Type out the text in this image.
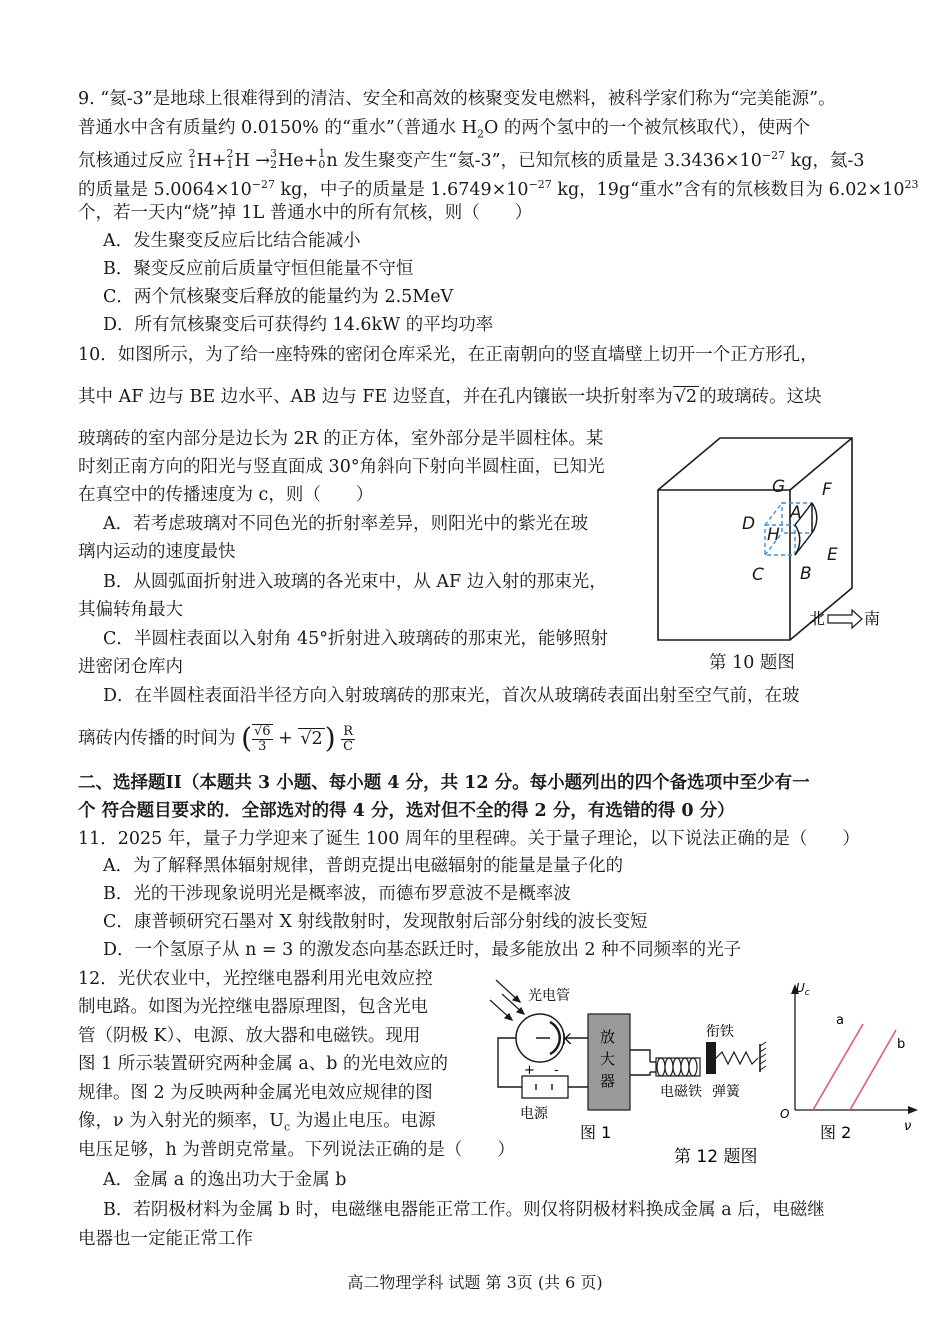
9. “氦-3”是地球上很难得到的清洁、安全和高效的核聚变发电燃料，被科学家们称为“完美能源”。
普通水中含有质量约 0.0150% 的“重水”（普通水 $H_2O$ 的两个氢中的一个被氘核取代），使两个
氘核通过反应 2
1 H+ 2
1 H → 3
2 He+ 1
0 n 发生聚变产生“氦-3”，已知氘核的质量是 $3.3436\times 10^{-27}$ kg，氦-3
的质量是 $5.0064\times 10^{-27}$ kg，中子的质量是 $1.6749\times 10^{-27}$ kg，19g“重水”含有的氘核数目为 $6.02\times 10^{23}$
个，若一天内“烧”掉 1L 普通水中的所有氘核，则（　　）
A．发生聚变反应后比结合能减小
B．聚变反应前后质量守恒但能量不守恒
C．两个氘核聚变后释放的能量约为 2.5MeV
D．所有氘核聚变后可获得约 14.6kW 的平均功率
10．如图所示，为了给一座特殊的密闭仓库采光，在正南朝向的竖直墙壁上切开一个正方形孔，
其中 AF 边与 BE 边水平、AB 边与 FE 边竖直，并在孔内镶嵌一块折射率为 √2 的玻璃砖。这块
玻璃砖的室内部分是边长为 2R 的正方体，室外部分是半圆柱体。某
时刻正南方向的阳光与竖直面成 30°角斜向下射向半圆柱面，已知光
在真空中的传播速度为 c，则（　　）
A．若考虑玻璃对不同色光的折射率差异，则阳光中的紫光在玻
璃内运动的速度最快
B．从圆弧面折射进入玻璃的各光束中，从 AF 边入射的那束光，
其偏转角最大
C．半圆柱表面以入射角 45°折射进入玻璃砖的那束光，能够照射
进密闭仓库内
D．在半圆柱表面沿半径方向入射玻璃砖的那束光，首次从玻璃砖表面出射至空气前，在玻
璃砖内传播的时间为 ( $\frac{√6}{3} + √2) \frac{R}{C}$
G F
A
D
H
E
C B
北 南
第 10 题图
二、选择题II（本题共 3 小题、每小题 4 分，共 12 分。每小题列出的四个备选项中至少有一
个 符合题目要求的．全部选对的得 4 分，选对但不全的得 2 分，有选错的得 0 分）
11．2025 年，量子力学迎来了诞生 100 周年的里程碑。关于量子理论，以下说法正确的是（　　）
A．为了解释黑体辐射规律，普朗克提出电磁辐射的能量是量子化的
B．光的干涉现象说明光是概率波，而德布罗意波不是概率波
C．康普顿研究石墨对 X 射线散射时，发现散射后部分射线的波长变短
D．一个氢原子从 n = 3 的激发态向基态跃迁时，最多能放出 2 种不同频率的光子
12．光伏农业中，光控继电器利用光电效应控
制电路。如图为光控继电器原理图，包含光电
管（阴极 K）、电源、放大器和电磁铁。现用
图 1 所示装置研究两种金属 a、b 的光电效应的
规律。图 2 为反映两种金属光电效应规律的图
像，ν 为入射光的频率，$U_c$ 为遏止电压。电源
电压足够，h 为普朗克常量。下列说法正确的是（　　）
A．金属 a 的逸出功大于金属 b
B．若阴极材料为金属 b 时，电磁继电器能正常工作。则仅将阴极材料换成金属 a 后，电磁继
电器也一定能正常工作
光电管
K
+ -
电源
放
大
器
电磁铁
衔铁
弹簧
图 1
第 12 题图
$U_c$
ν
O
a
b
图 2
高二物理学科 试题 第 3页 (共 6 页)
